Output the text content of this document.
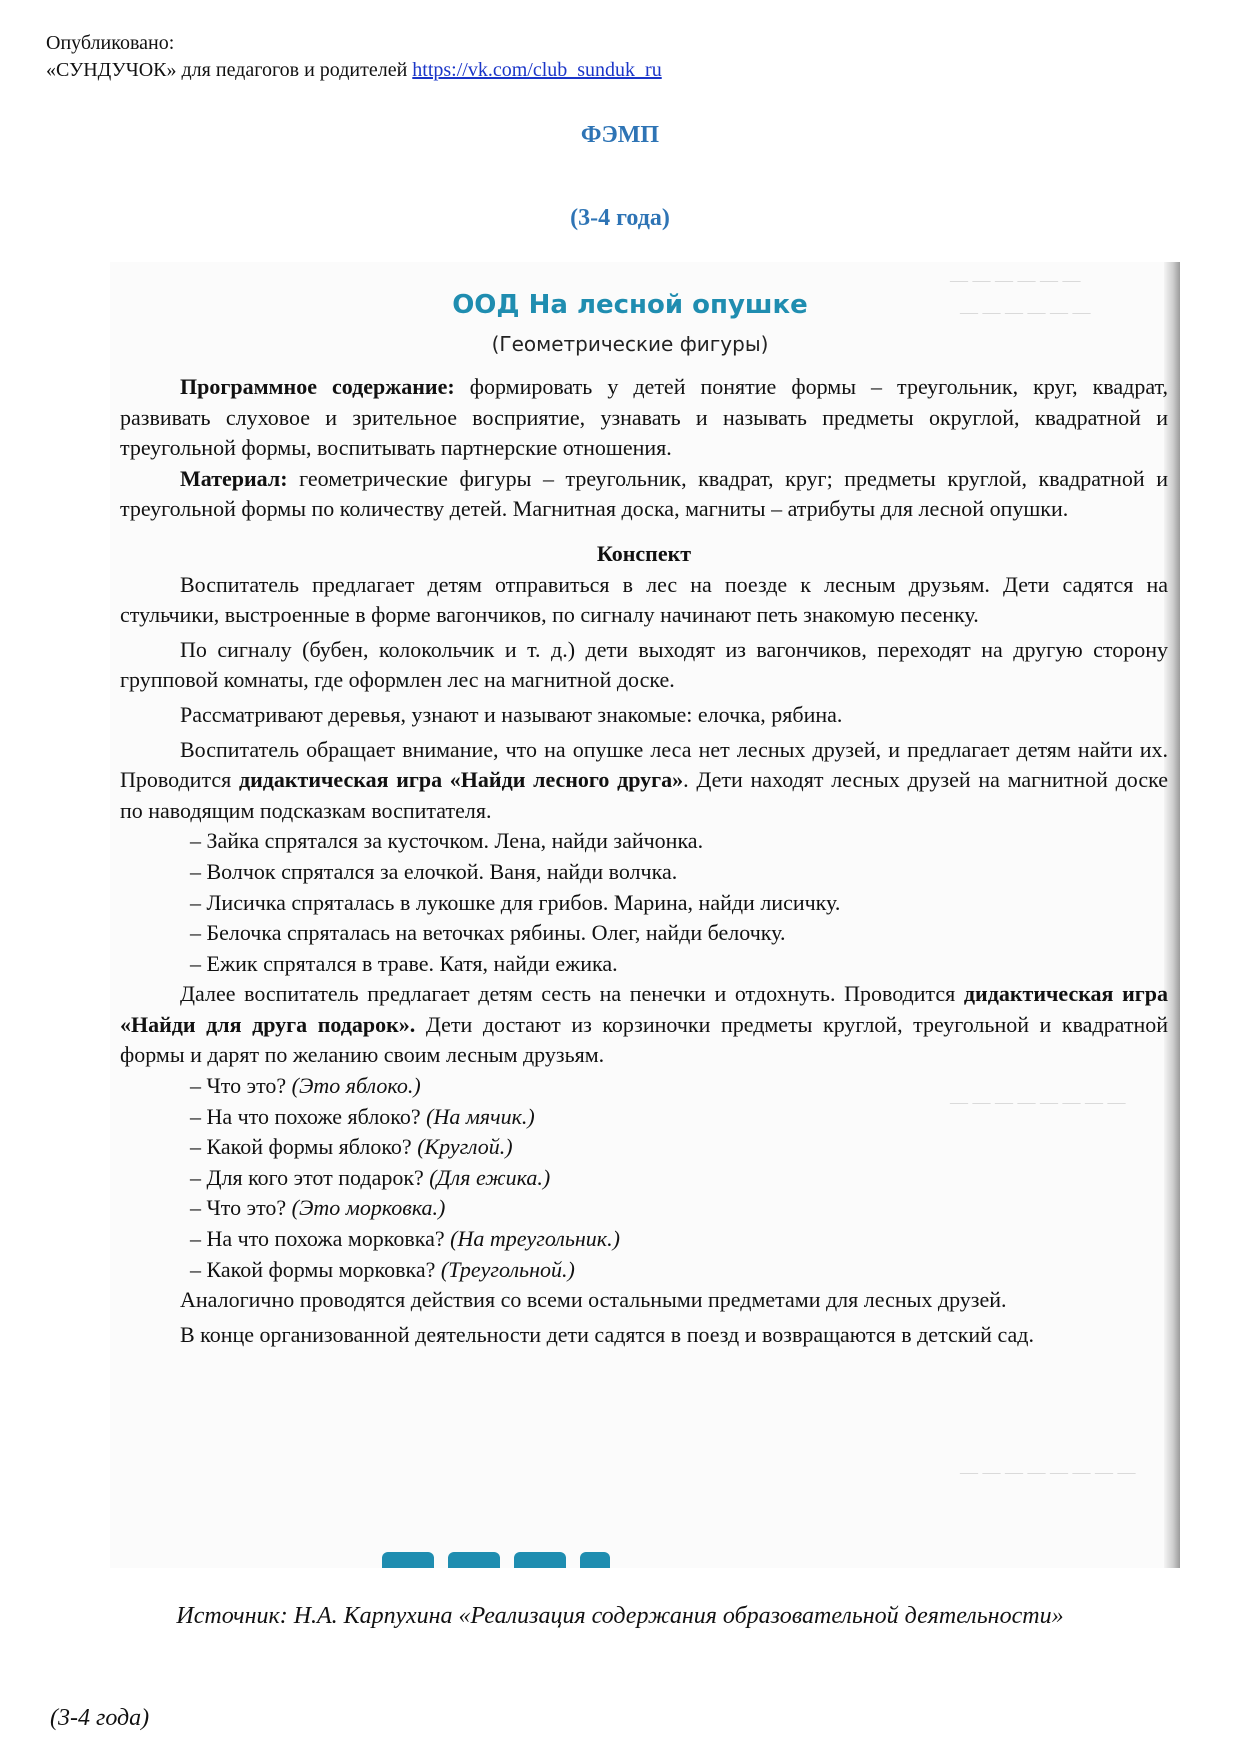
Опубликовано:
«СУНДУЧОК» для педагогов и родителей https://vk.com/club_sunduk_ru
ФЭМП
(3-4 года)
— — — — — —
— — — — — —
— — — — — — — —
— — — — — — — —
ООД На лесной опушке
(Геометрические фигуры)

Программное содержание: формировать у детей понятие формы – треугольник, круг, квадрат, развивать слуховое и зрительное восприятие, узнавать и называть предметы округлой, квадратной и треугольной формы, воспитывать партнерские отношения.

Материал: геометрические фигуры – треугольник, квадрат, круг; предметы круглой, квадратной и треугольной формы по количеству детей. Магнитная доска, магниты – атрибуты для лесной опушки.

Конспект

Воспитатель предлагает детям отправиться в лес на поезде к лесным друзьям. Дети садятся на стульчики, выстроенные в форме вагончиков, по сигналу начинают петь знакомую песенку.

По сигналу (бубен, колокольчик и т. д.) дети выходят из вагончиков, переходят на другую сторону групповой комнаты, где оформлен лес на магнитной доске.

Рассматривают деревья, узнают и называют знакомые: елочка, рябина.

Воспитатель обращает внимание, что на опушке леса нет лесных друзей, и предлагает детям найти их. Проводится дидактическая игра «Найди лесного друга». Дети находят лесных друзей на магнитной доске по наводящим подсказкам воспитателя.

– Зайка спрятался за кусточком. Лена, найди зайчонка.

– Волчок спрятался за елочкой. Ваня, найди волчка.

– Лисичка спряталась в лукошке для грибов. Марина, найди лисичку.

– Белочка спряталась на веточках рябины. Олег, найди белочку.

– Ежик спрятался в траве. Катя, найди ежика.

Далее воспитатель предлагает детям сесть на пенечки и отдохнуть. Проводится дидактическая игра «Найди для друга подарок». Дети достают из корзиночки предметы круглой, треугольной и квадратной формы и дарят по желанию своим лесным друзьям.

– Что это? (Это яблоко.)

– На что похоже яблоко? (На мячик.)

– Какой формы яблоко? (Круглой.)

– Для кого этот подарок? (Для ежика.)

– Что это? (Это морковка.)

– На что похожа морковка? (На треугольник.)

– Какой формы морковка? (Треугольной.)

Аналогично проводятся действия со всеми остальными предметами для лесных друзей.

В конце организованной деятельности дети садятся в поезд и возвращаются в детский сад.

Источник: Н.А. Карпухина «Реализация содержания образовательной деятельности»
(3-4 года)
